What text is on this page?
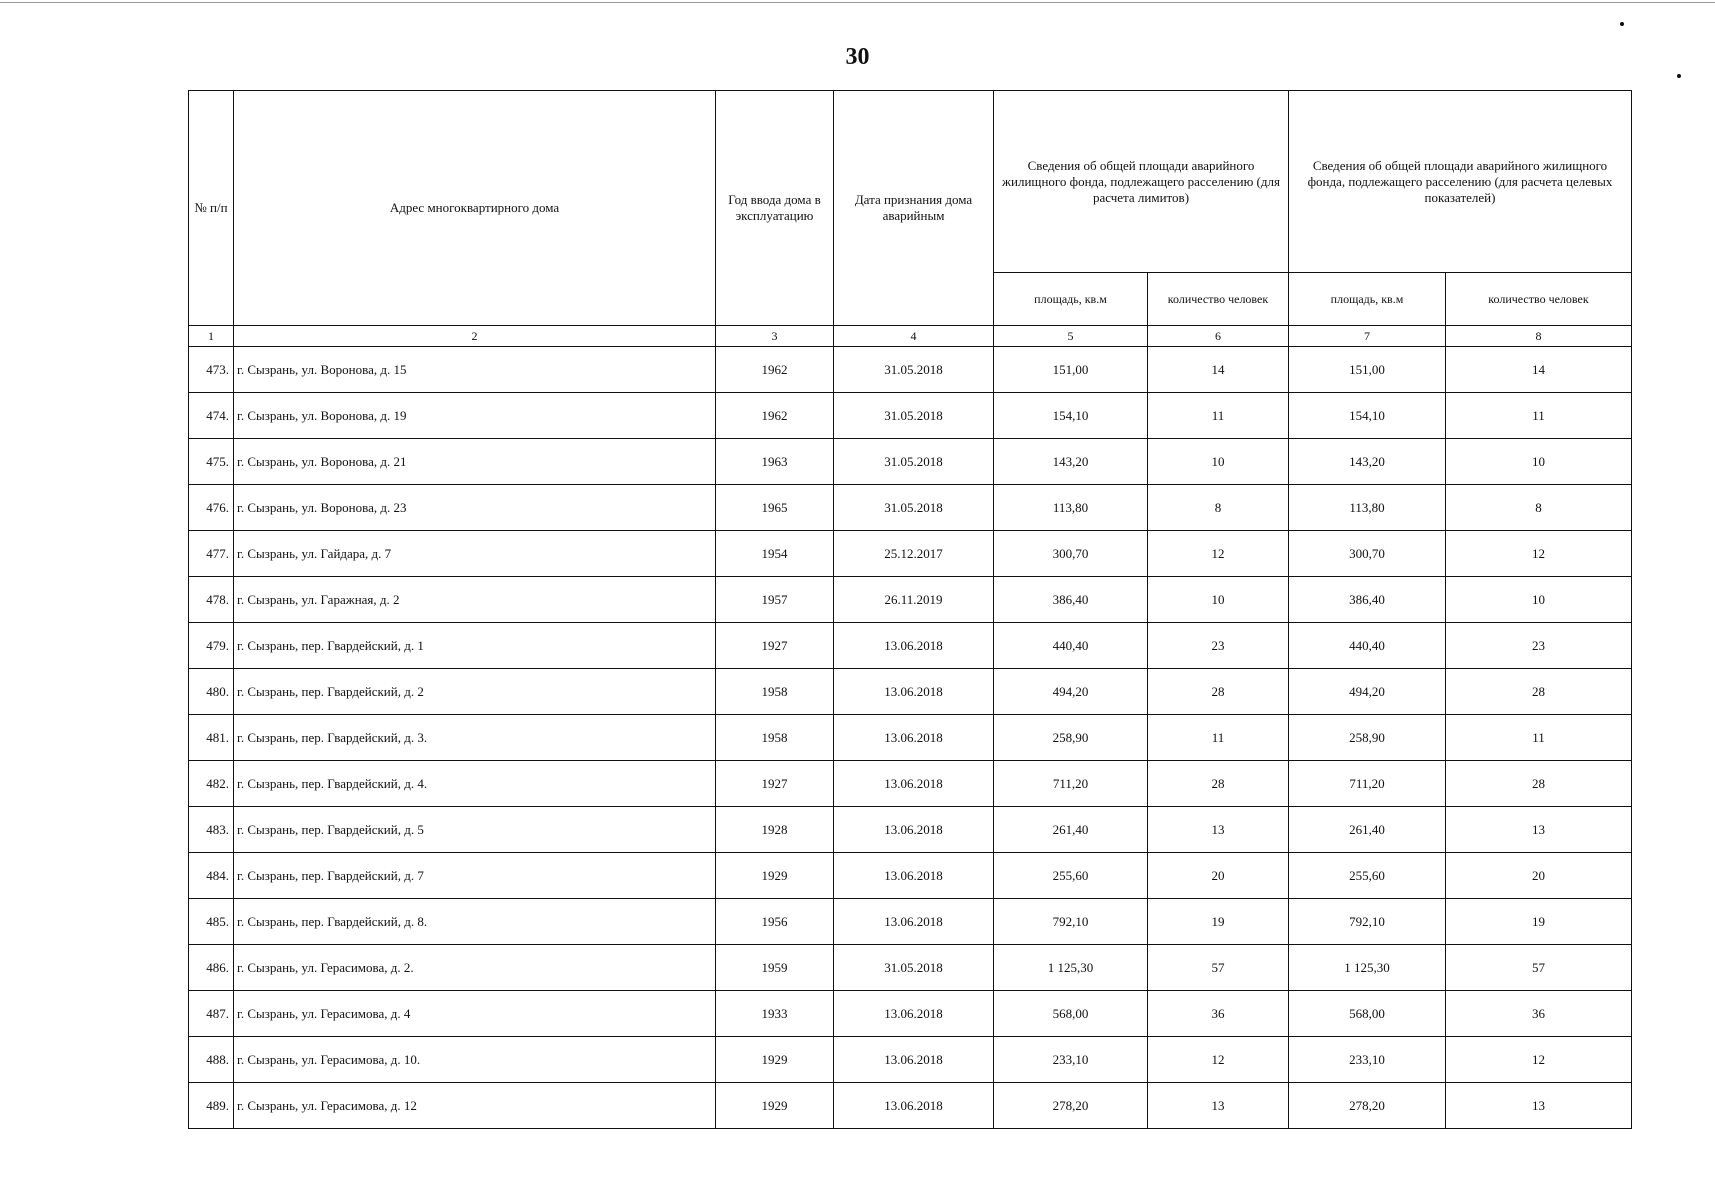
30
№ п/п	Адрес многоквартирного дома	Год ввода дома в эксплуатацию	Дата признания дома аварийным	Сведения об общей площади аварийного жилищного фонда, подлежащего расселению (для расчета лимитов)		Сведения об общей площади аварийного жилищного фонда, подлежащего расселению (для расчета целевых показателей)	
				площадь, кв.м	количество человек	площадь, кв.м	количество человек
1	2	3	4	5	6	7	8
473.	г. Сызрань, ул. Воронова, д. 15	1962	31.05.2018	151,00	14	151,00	14
474.	г. Сызрань, ул. Воронова, д. 19	1962	31.05.2018	154,10	11	154,10	11
475.	г. Сызрань, ул. Воронова, д. 21	1963	31.05.2018	143,20	10	143,20	10
476.	г. Сызрань, ул. Воронова, д. 23	1965	31.05.2018	113,80	8	113,80	8
477.	г. Сызрань, ул. Гайдара, д. 7	1954	25.12.2017	300,70	12	300,70	12
478.	г. Сызрань, ул. Гаражная, д. 2	1957	26.11.2019	386,40	10	386,40	10
479.	г. Сызрань, пер. Гвардейский, д. 1	1927	13.06.2018	440,40	23	440,40	23
480.	г. Сызрань, пер. Гвардейский, д. 2	1958	13.06.2018	494,20	28	494,20	28
481.	г. Сызрань, пер. Гвардейский, д. 3.	1958	13.06.2018	258,90	11	258,90	11
482.	г. Сызрань, пер. Гвардейский, д. 4.	1927	13.06.2018	711,20	28	711,20	28
483.	г. Сызрань, пер. Гвардейский, д. 5	1928	13.06.2018	261,40	13	261,40	13
484.	г. Сызрань, пер. Гвардейский, д. 7	1929	13.06.2018	255,60	20	255,60	20
485.	г. Сызрань, пер. Гвардейский, д. 8.	1956	13.06.2018	792,10	19	792,10	19
486.	г. Сызрань, ул. Герасимова, д. 2.	1959	31.05.2018	1 125,30	57	1 125,30	57
487.	г. Сызрань, ул. Герасимова, д. 4	1933	13.06.2018	568,00	36	568,00	36
488.	г. Сызрань, ул. Герасимова, д. 10.	1929	13.06.2018	233,10	12	233,10	12
489.	г. Сызрань, ул. Герасимова, д. 12	1929	13.06.2018	278,20	13	278,20	13
